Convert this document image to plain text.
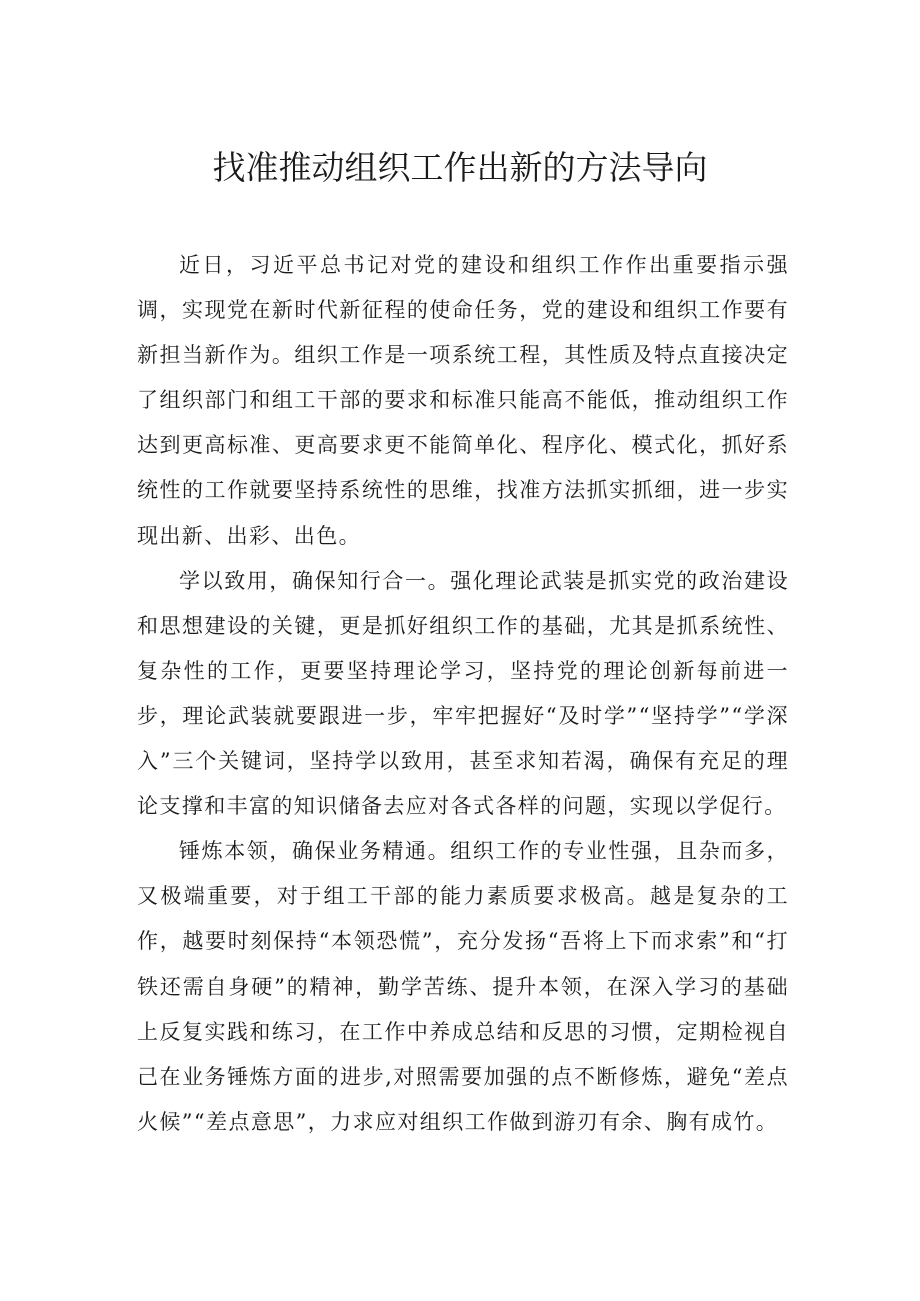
找准推动组织工作出新的方法导向

近日，习近平总书记对党的建设和组织工作作出重要指示强调，实现党在新时代新征程的使命任务，党的建设和组织工作要有新担当新作为。组织工作是一项系统工程，其性质及特点直接决定了组织部门和组工干部的要求和标准只能高不能低，推动组织工作达到更高标准、更高要求更不能简单化、程序化、模式化，抓好系统性的工作就要坚持系统性的思维，找准方法抓实抓细，进一步实现出新、出彩、出色。

学以致用，确保知行合一。强化理论武装是抓实党的政治建设和思想建设的关键，更是抓好组织工作的基础，尤其是抓系统性、复杂性的工作，更要坚持理论学习，坚持党的理论创新每前进一步，理论武装就要跟进一步，牢牢把握好“及时学”“坚持学”“学深入”三个关键词，坚持学以致用，甚至求知若渴，确保有充足的理论支撑和丰富的知识储备去应对各式各样的问题，实现以学促行。

锤炼本领，确保业务精通。组织工作的专业性强，且杂而多，又极端重要，对于组工干部的能力素质要求极高。越是复杂的工作，越要时刻保持“本领恐慌”，充分发扬“吾将上下而求索”和“打铁还需自身硬”的精神，勤学苦练、提升本领，在深入学习的基础上反复实践和练习，在工作中养成总结和反思的习惯，定期检视自己在业务锤炼方面的进步,对照需要加强的点不断修炼，避免“差点火候”“差点意思”，力求应对组织工作做到游刃有余、胸有成竹。
